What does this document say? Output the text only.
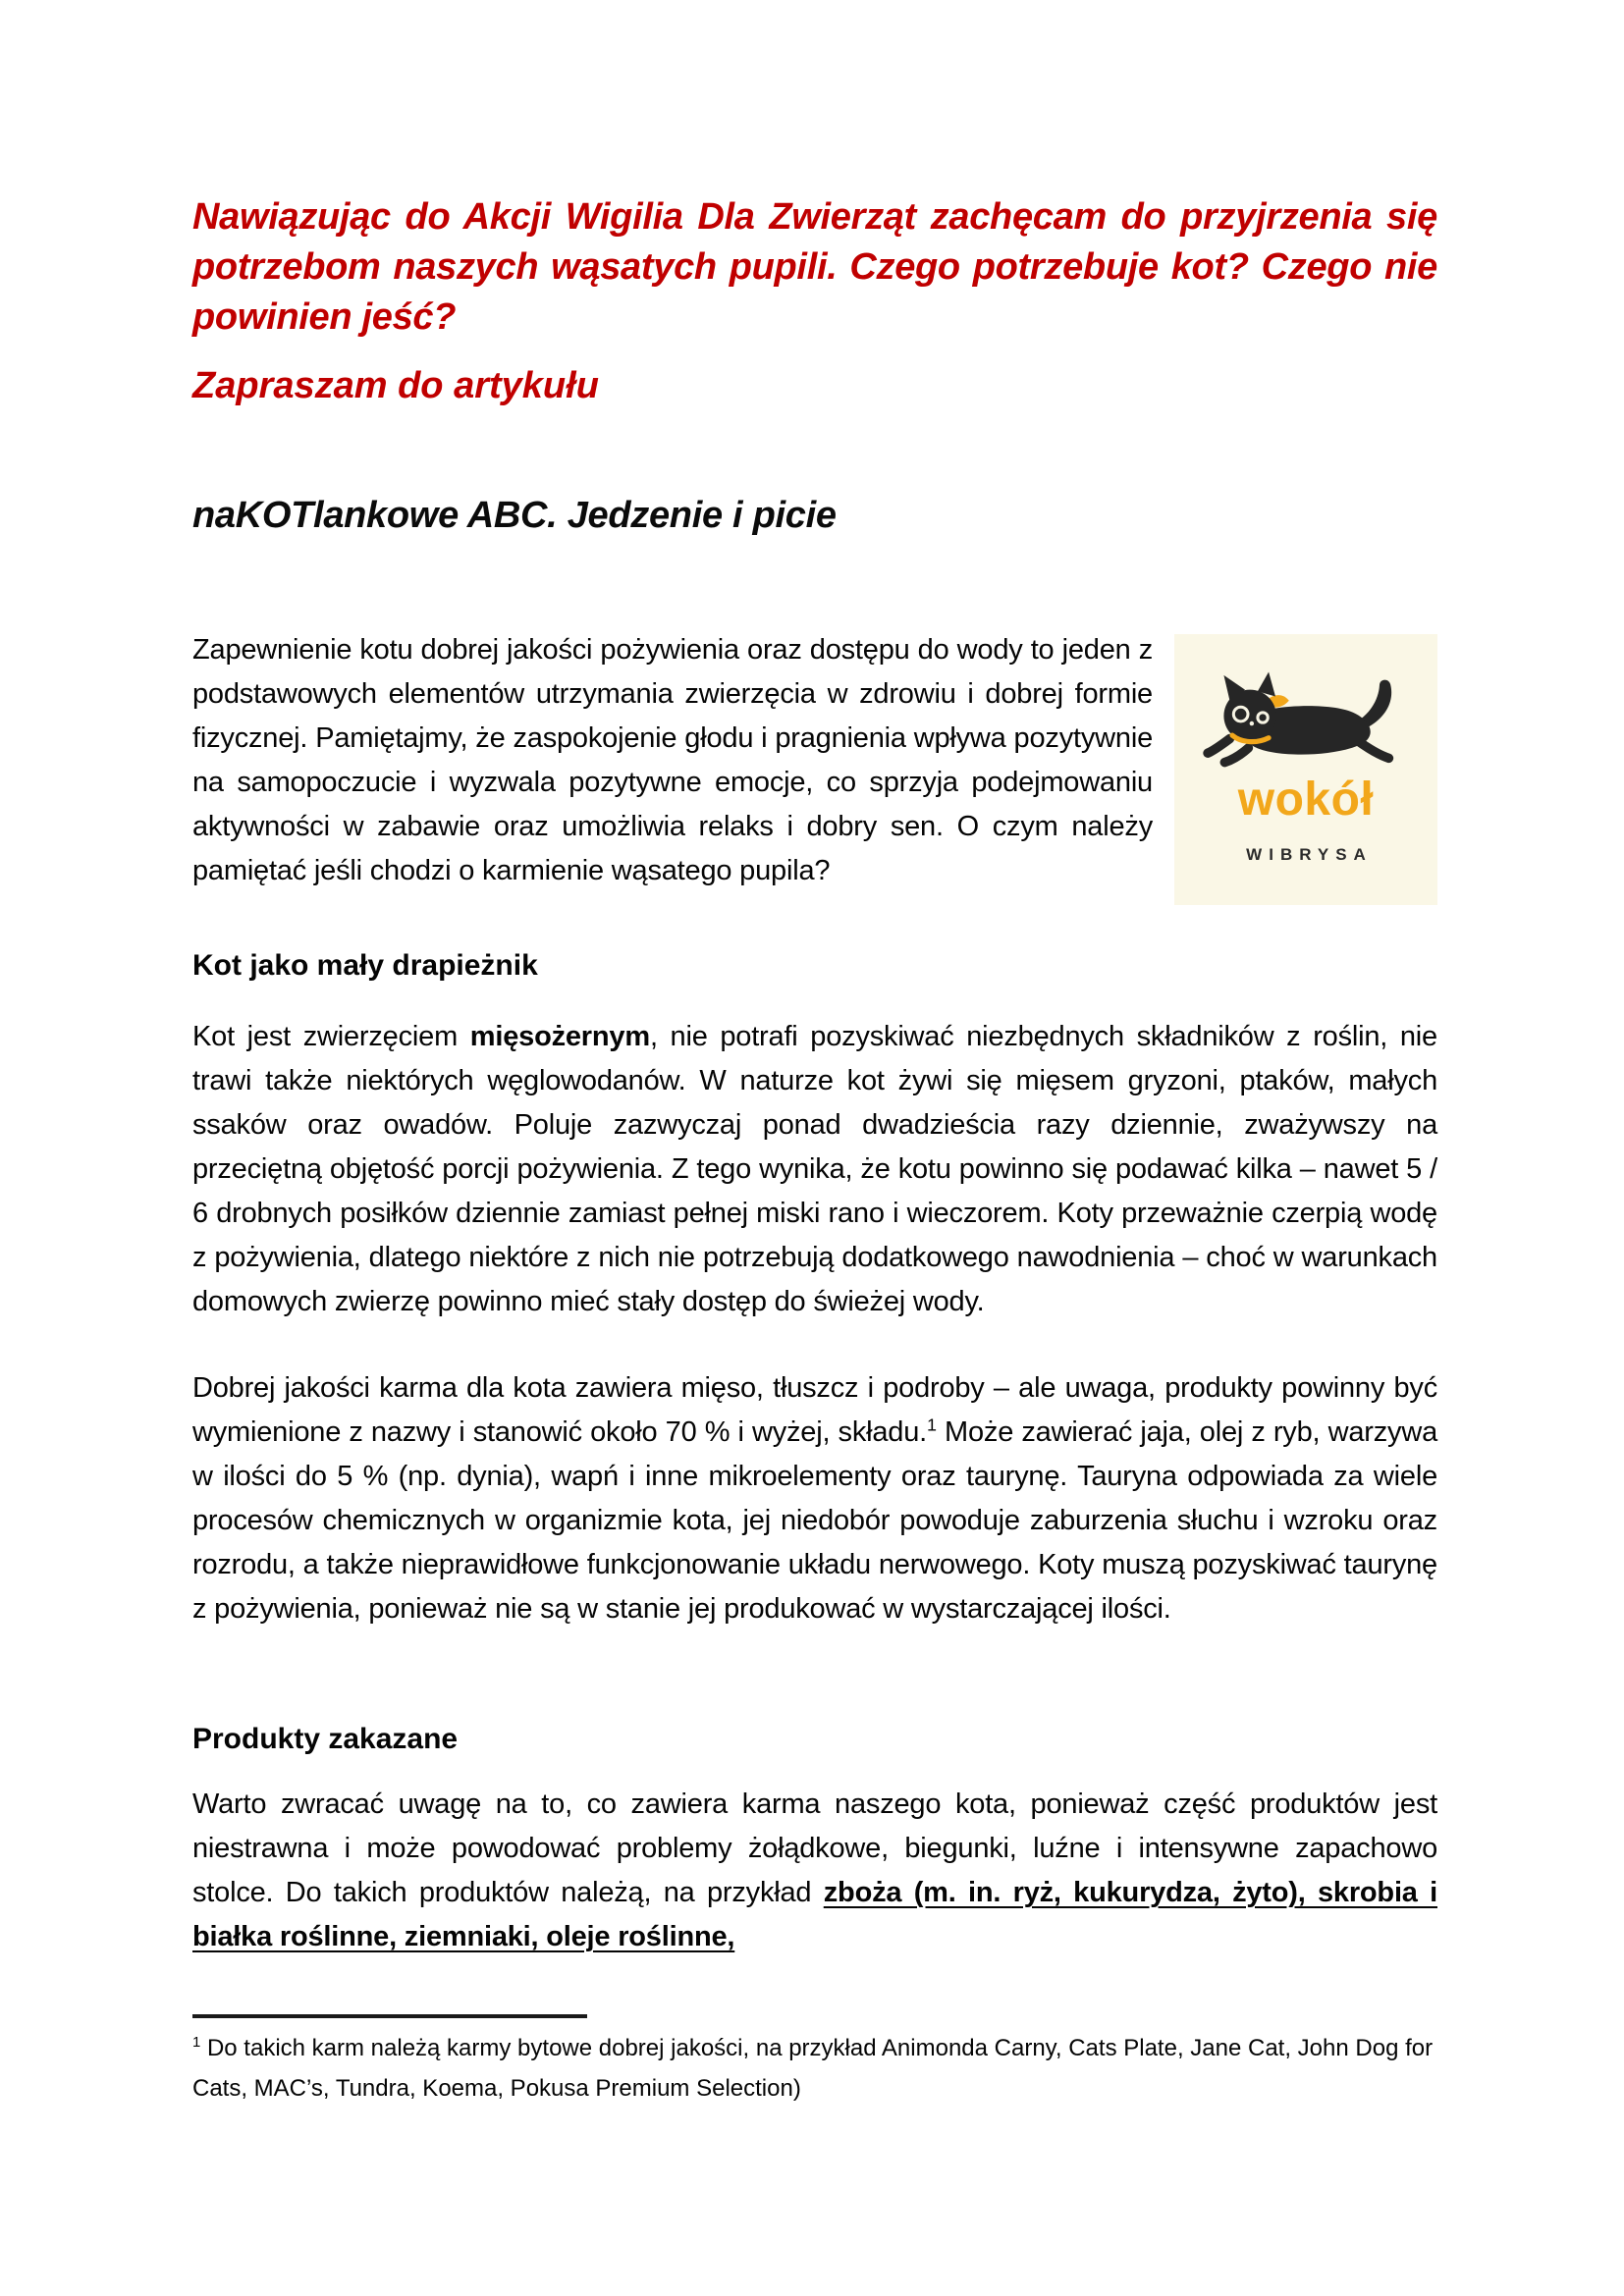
Nawiązując do Akcji Wigilia Dla Zwierząt zachęcam do przyjrzenia się potrzebom naszych wąsatych pupili. Czego potrzebuje kot? Czego nie powinien jeść?

Zapraszam do artykułu

naKOTlankowe ABC. Jedzenie i picie

wokół
WIBRYSA
Zapewnienie kotu dobrej jakości pożywienia oraz dostępu do wody to jeden z podstawowych elementów utrzymania zwierzęcia w zdrowiu i dobrej formie fizycznej. Pamiętajmy, że zaspokojenie głodu i pragnienia wpływa pozytywnie na samopoczucie i wyzwala pozytywne emocje, co sprzyja podejmowaniu aktywności w zabawie oraz umożliwia relaks i dobry sen. O czym należy pamiętać jeśli chodzi o karmienie wąsatego pupila?

Kot jako mały drapieżnik

Kot jest zwierzęciem mięsożernym, nie potrafi pozyskiwać niezbędnych składników z roślin, nie trawi także niektórych węglowodanów. W naturze kot żywi się mięsem gryzoni, ptaków, małych ssaków oraz owadów. Poluje zazwyczaj ponad dwadzieścia razy dziennie, zważywszy na przeciętną objętość porcji pożywienia. Z tego wynika, że kotu powinno się podawać kilka – nawet 5 / 6 drobnych posiłków dziennie zamiast pełnej miski rano i wieczorem. Koty przeważnie czerpią wodę z pożywienia, dlatego niektóre z nich nie potrzebują dodatkowego nawodnienia – choć w warunkach domowych zwierzę powinno mieć stały dostęp do świeżej wody.

Dobrej jakości karma dla kota zawiera mięso, tłuszcz i podroby – ale uwaga, produkty powinny być wymienione z nazwy i stanowić około 70 % i wyżej, składu.$^1$ Może zawierać jaja, olej z ryb, warzywa w ilości do 5 % (np. dynia), wapń i inne mikroelementy oraz taurynę. Tauryna odpowiada za wiele procesów chemicznych w organizmie kota, jej niedobór powoduje zaburzenia słuchu i wzroku oraz rozrodu, a także nieprawidłowe funkcjonowanie układu nerwowego. Koty muszą pozyskiwać taurynę z pożywienia, ponieważ nie są w stanie jej produkować w wystarczającej ilości.

Produkty zakazane

Warto zwracać uwagę na to, co zawiera karma naszego kota, ponieważ część produktów jest niestrawna i może powodować problemy żołądkowe, biegunki, luźne i intensywne zapachowo stolce. Do takich produktów należą, na przykład zboża (m. in. ryż, kukurydza, żyto), skrobia i białka roślinne, ziemniaki, oleje roślinne,

$^1$ Do takich karm należą karmy bytowe dobrej jakości, na przykład Animonda Carny, Cats Plate, Jane Cat, John Dog for Cats, MAC’s, Tundra, Koema, Pokusa Premium Selection)
